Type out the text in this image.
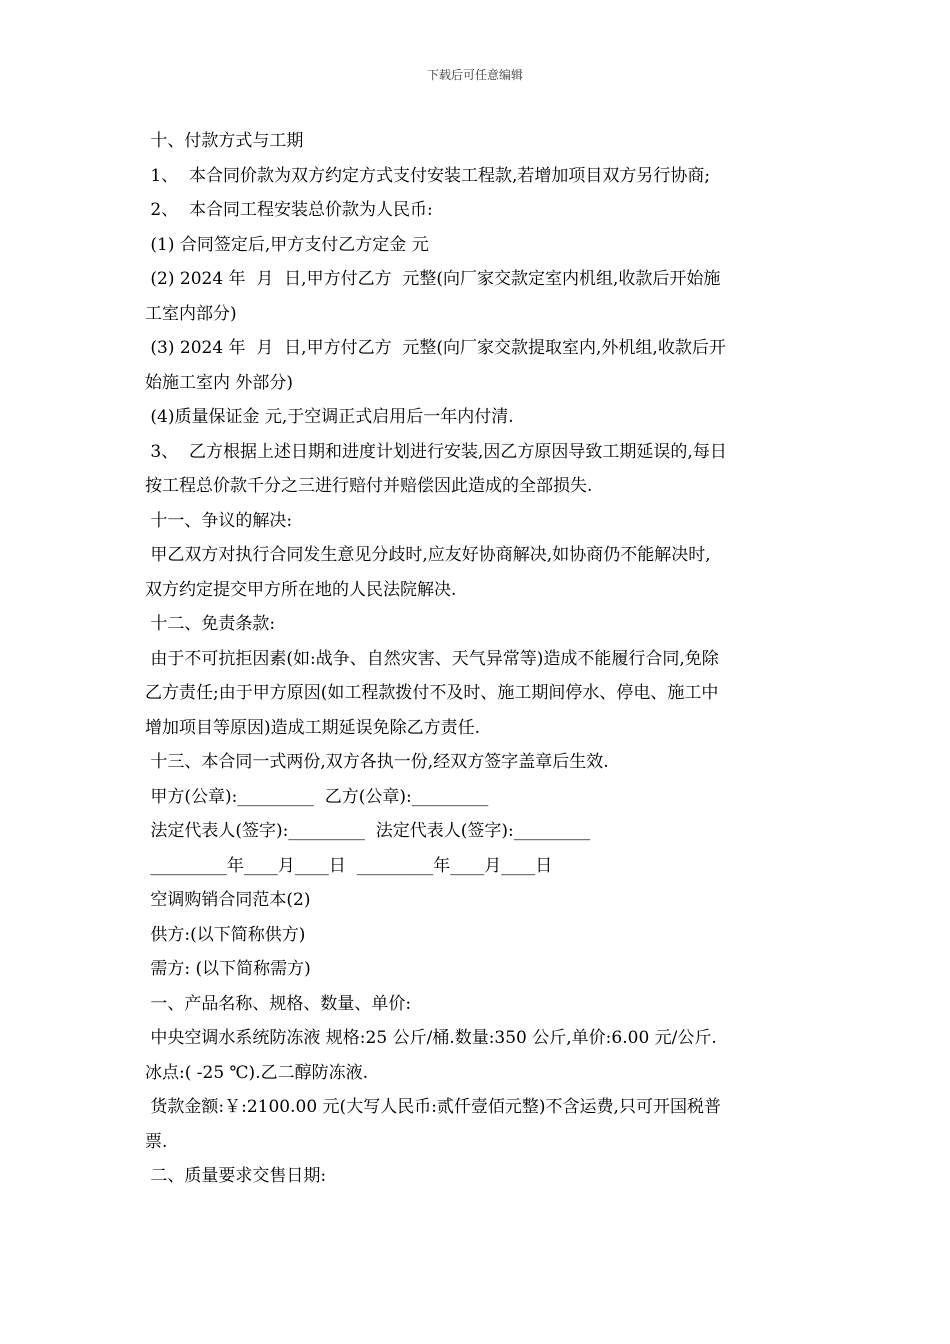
下载后可任意编辑
十、付款方式与工期
1、  本合同价款为双方约定方式支付安装工程款,若增加项目双方另行协商;
2、  本合同工程安装总价款为人民币:
(1) 合同签定后,甲方支付乙方定金 元
(2) 2024 年  月  日,甲方付乙方  元整(向厂家交款定室内机组,收款后开始施
工室内部分)
(3) 2024 年  月  日,甲方付乙方  元整(向厂家交款提取室内,外机组,收款后开
始施工室内 外部分)
(4)质量保证金 元,于空调正式启用后一年内付清.
3、  乙方根据上述日期和进度计划进行安装,因乙方原因导致工期延误的,每日
按工程总价款千分之三进行赔付并赔偿因此造成的全部损失.
十一、争议的解决:
甲乙双方对执行合同发生意见分歧时,应友好协商解决,如协商仍不能解决时,
双方约定提交甲方所在地的人民法院解决.
十二、免责条款:
由于不可抗拒因素(如:战争、自然灾害、天气异常等)造成不能履行合同,免除
乙方责任;由于甲方原因(如工程款拨付不及时、施工期间停水、停电、施工中
增加项目等原因)造成工期延误免除乙方责任.
十三、本合同一式两份,双方各执一份,经双方签字盖章后生效.
甲方(公章):_________  乙方(公章):_________
法定代表人(签字):_________  法定代表人(签字):_________
_________年____月____日  _________年____月____日
空调购销合同范本(2)
供方:(以下简称供方)
需方: (以下简称需方)
一、产品名称、规格、数量、单价:
中央空调水系统防冻液 规格:25 公斤/桶.数量:350 公斤,单价:6.00 元/公斤.
冰点:( -25 ℃).乙二醇防冻液.
货款金额:￥:2100.00 元(大写人民币:贰仟壹佰元整)不含运费,只可开国税普
票.
二、质量要求交售日期:
